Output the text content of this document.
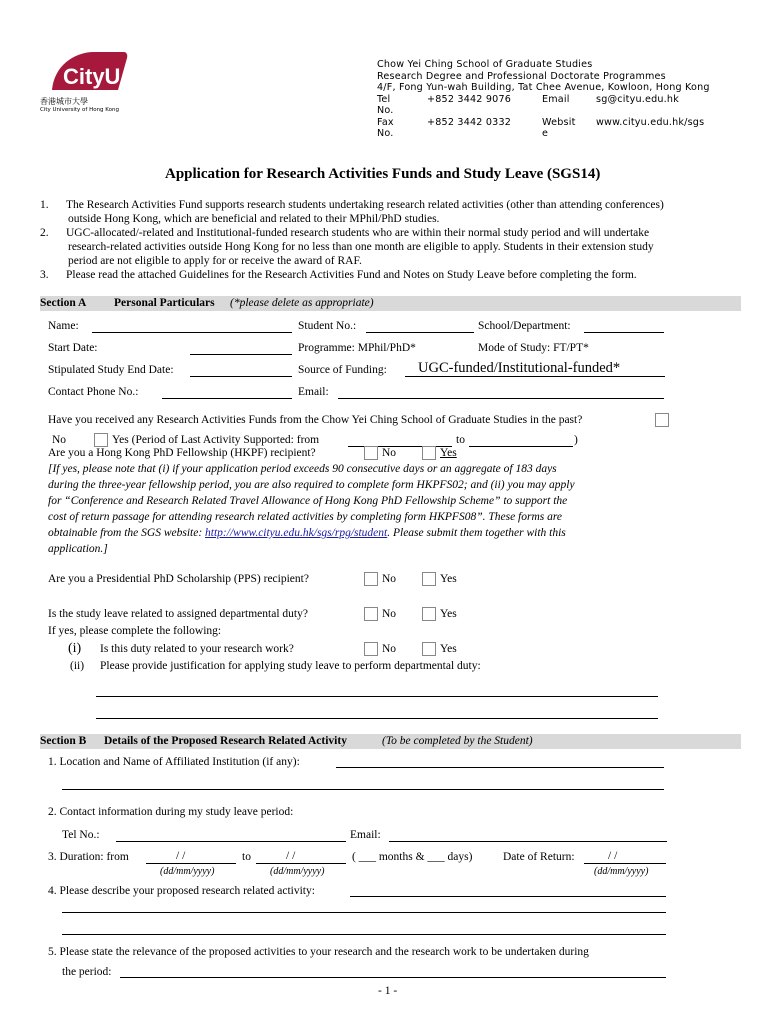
CityU
香港城市大學
City University of Hong Kong
Chow Yei Ching School of Graduate Studies
Research Degree and Professional Doctorate Programmes
4/F, Fong Yun-wah Building, Tat Chee Avenue, Kowloon, Hong Kong
Tel
No.
+852 3442 9076	Email	sg@cityu.edu.hk
Fax
No.
+852 3442 0332	Websit
e
www.cityu.edu.hk/sgs
Application for Research Activities Funds and Study Leave (SGS14)
1. The Research Activities Fund supports research students undertaking research related activities (other than attending conferences)
outside Hong Kong, which are beneficial and related to their MPhil/PhD studies.
2. UGC-allocated/-related and Institutional-funded research students who are within their normal study period and will undertake
research-related activities outside Hong Kong for no less than one month are eligible to apply. Students in their extension study
period are not eligible to apply for or receive the award of RAF.
3. Please read the attached Guidelines for the Research Activities Fund and Notes on Study Leave before completing the form.
Section A Personal Particulars (*please delete as appropriate)
Name:	Student No.:	School/Department:
Start Date:	Programme: MPhil/PhD*	Mode of Study: FT/PT*
Stipulated Study End Date:	Source of Funding: UGC-funded/Institutional-funded*
Contact Phone No.:	Email:
Have you received any Research Activities Funds from the Chow Yei Ching School of Graduate Studies in the past?
No	Yes (Period of Last Activity Supported: from	to	)
Are you a Hong Kong PhD Fellowship (HKPF) recipient?	No	Yes
[If yes, please note that (i) if your application period exceeds 90 consecutive days or an aggregate of 183 days
during the three-year fellowship period, you are also required to complete form HKPFS02; and (ii) you may apply
for “Conference and Research Related Travel Allowance of Hong Kong PhD Fellowship Scheme” to support the
cost of return passage for attending research related activities by completing form HKPFS08”. These forms are
obtainable from the SGS website: http://www.cityu.edu.hk/sgs/rpg/student. Please submit them together with this
application.]
Are you a Presidential PhD Scholarship (PPS) recipient?	No	Yes
Is the study leave related to assigned departmental duty?	No	Yes
If yes, please complete the following:
(i) Is this duty related to your research work?	No	Yes
(ii) Please provide justification for applying study leave to perform departmental duty:
Section B Details of the Proposed Research Related Activity	(To be completed by the Student)
1. Location and Name of Affiliated Institution (if any):
2. Contact information during my study leave period:
Tel No.:	Email:
3. Duration: from	/ /
(dd/mm/yyyy)
to	/ /
(dd/mm/yyyy)
( ___ months & ___ days)	Date of Return:	/ /
(dd/mm/yyyy)
4. Please describe your proposed research related activity:
5. Please state the relevance of the proposed activities to your research and the research work to be undertaken during
the period:
- 1 -
